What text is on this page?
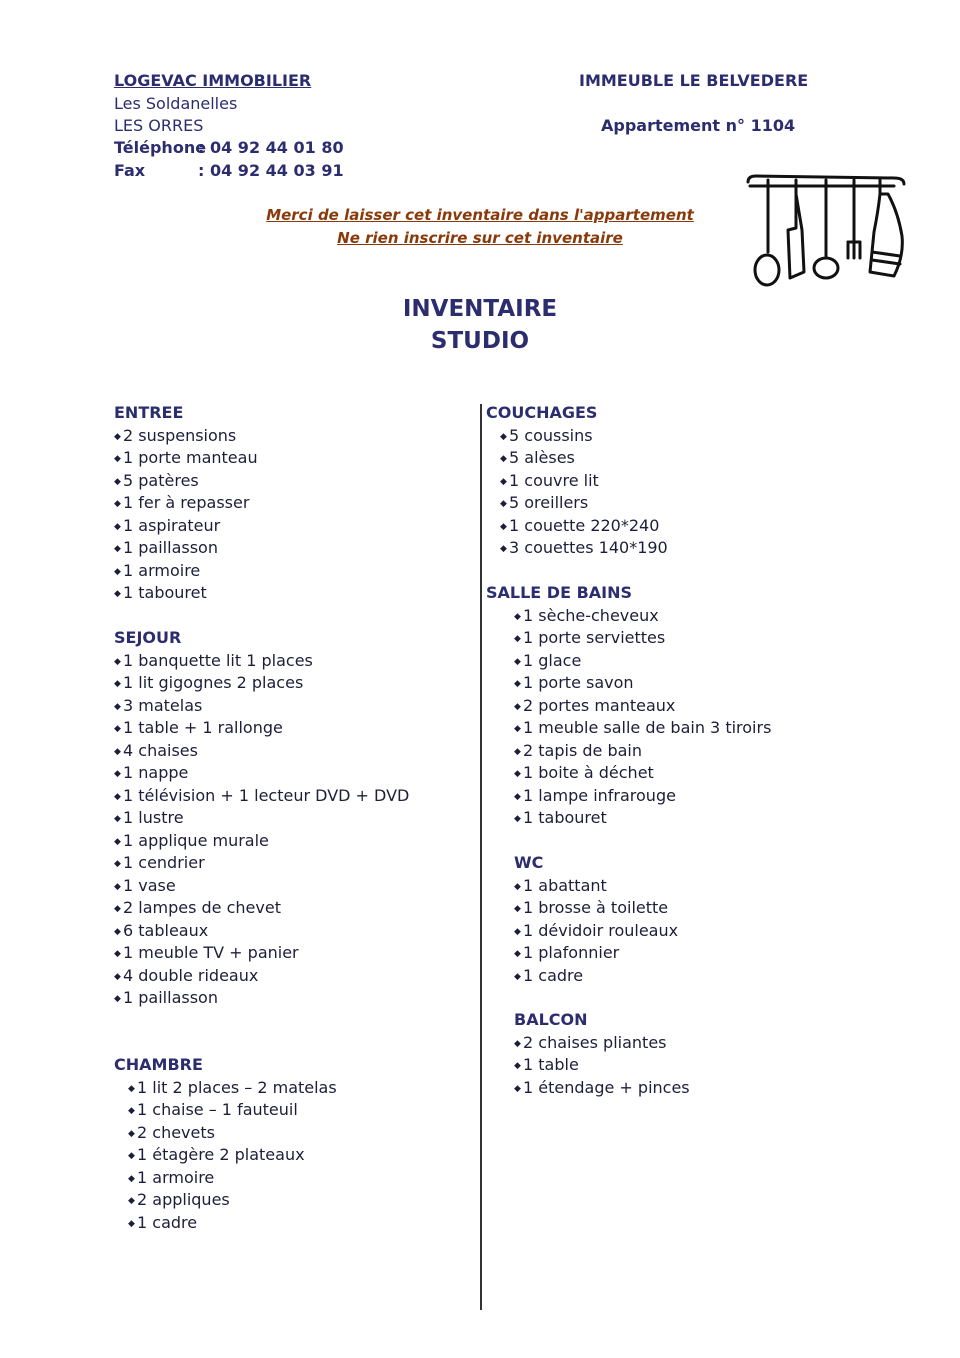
LOGEVAC IMMOBILIER
Les Soldanelles
LES ORRES
Téléphone: 04 92 44 01 80
Fax	: 04 92 44 03 91
IMMEUBLE LE BELVEDERE
Appartement n° 1104
Merci de laisser cet inventaire dans l'appartement
Ne rien inscrire sur cet inventaire
INVENTAIRE
STUDIO
ENTREE
◆ 2 suspensions
◆ 1 porte manteau
◆ 5 patères
◆ 1 fer à repasser
◆ 1 aspirateur
◆ 1 paillasson
◆ 1 armoire
◆ 1 tabouret
SEJOUR
◆ 1 banquette lit 1 places
◆ 1 lit gigognes 2 places
◆ 3 matelas
◆ 1 table + 1 rallonge
◆ 4 chaises
◆ 1 nappe
◆ 1 télévision + 1 lecteur DVD + DVD
◆ 1 lustre
◆ 1 applique murale
◆ 1 cendrier
◆ 1 vase
◆ 2 lampes de chevet
◆ 6 tableaux
◆ 1 meuble TV + panier
◆ 4 double rideaux
◆ 1 paillasson
CHAMBRE
◆ 1 lit 2 places – 2 matelas
◆ 1 chaise – 1 fauteuil
◆ 2 chevets
◆ 1 étagère 2 plateaux
◆ 1 armoire
◆ 2 appliques
◆ 1 cadre
COUCHAGES
◆ 5 coussins
◆ 5 alèses
◆ 1 couvre lit
◆ 5 oreillers
◆ 1 couette 220*240
◆ 3 couettes 140*190
SALLE DE BAINS
◆ 1 sèche-cheveux
◆ 1 porte serviettes
◆ 1 glace
◆ 1 porte savon
◆ 2 portes manteaux
◆ 1 meuble salle de bain 3 tiroirs
◆ 2 tapis de bain
◆ 1 boite à déchet
◆ 1 lampe infrarouge
◆ 1 tabouret
WC
◆ 1 abattant
◆ 1 brosse à toilette
◆ 1 dévidoir rouleaux
◆ 1 plafonnier
◆ 1 cadre
BALCON
◆ 2 chaises pliantes
◆ 1 table
◆ 1 étendage + pinces
